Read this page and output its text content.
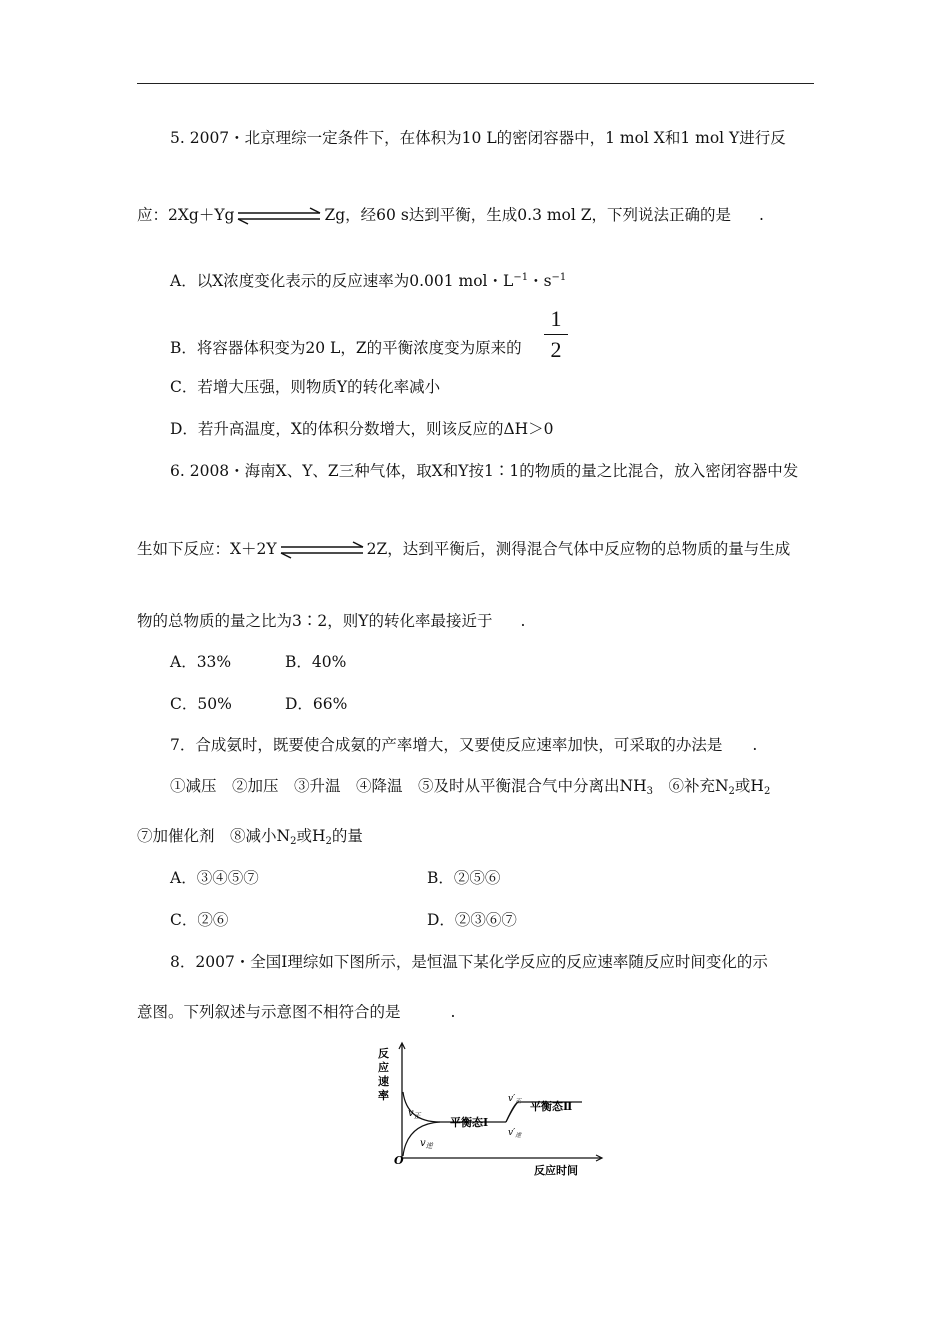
5. 2007・北京理综一定条件下，在体积为10 L的密闭容器中，1 mol X和1 mol Y进行反
应：2Xg＋Yg	Zg，经60 s达到平衡，生成0.3 mol Z，下列说法正确的是 .
A．以X浓度变化表示的反应速率为0.001 mol・$L^{-1}$・$s^{-1}$
1
2
B．将容器体积变为20 L，Z的平衡浓度变为原来的
C．若增大压强，则物质Y的转化率减小
D．若升高温度，X的体积分数增大，则该反应的ΔH＞0
6. 2008・海南X、Y、Z三种气体，取X和Y按1∶1的物质的量之比混合，放入密闭容器中发
生如下反应：X＋2Y	2Z，达到平衡后，测得混合气体中反应物的总物质的量与生成
物的总物质的量之比为3∶2，则Y的转化率最接近于 .
A．33%	B．40%
C．50%	D．66%
7．合成氨时，既要使合成氨的产率增大，又要使反应速率加快，可采取的办法是 .
①减压　②加压　③升温　④降温　⑤及时从平衡混合气中分离出$NH_3$　⑥补充$N_2$或$H_2$
⑦加催化剂　⑧减小$N_2$或$H_2$的量
A．③④⑤⑦	B．②⑤⑥
C．②⑥	D．②③⑥⑦
8．2007・全国Ⅰ理综如下图所示，是恒温下某化学反应的反应速率随反应时间变化的示
意图。下列叙述与示意图不相符合的是	.
反
应
速
率
O
反应时间
$v_正$
$v_逆$
平衡态Ⅰ
$v'_正$
$v'_逆$
平衡态Ⅱ
